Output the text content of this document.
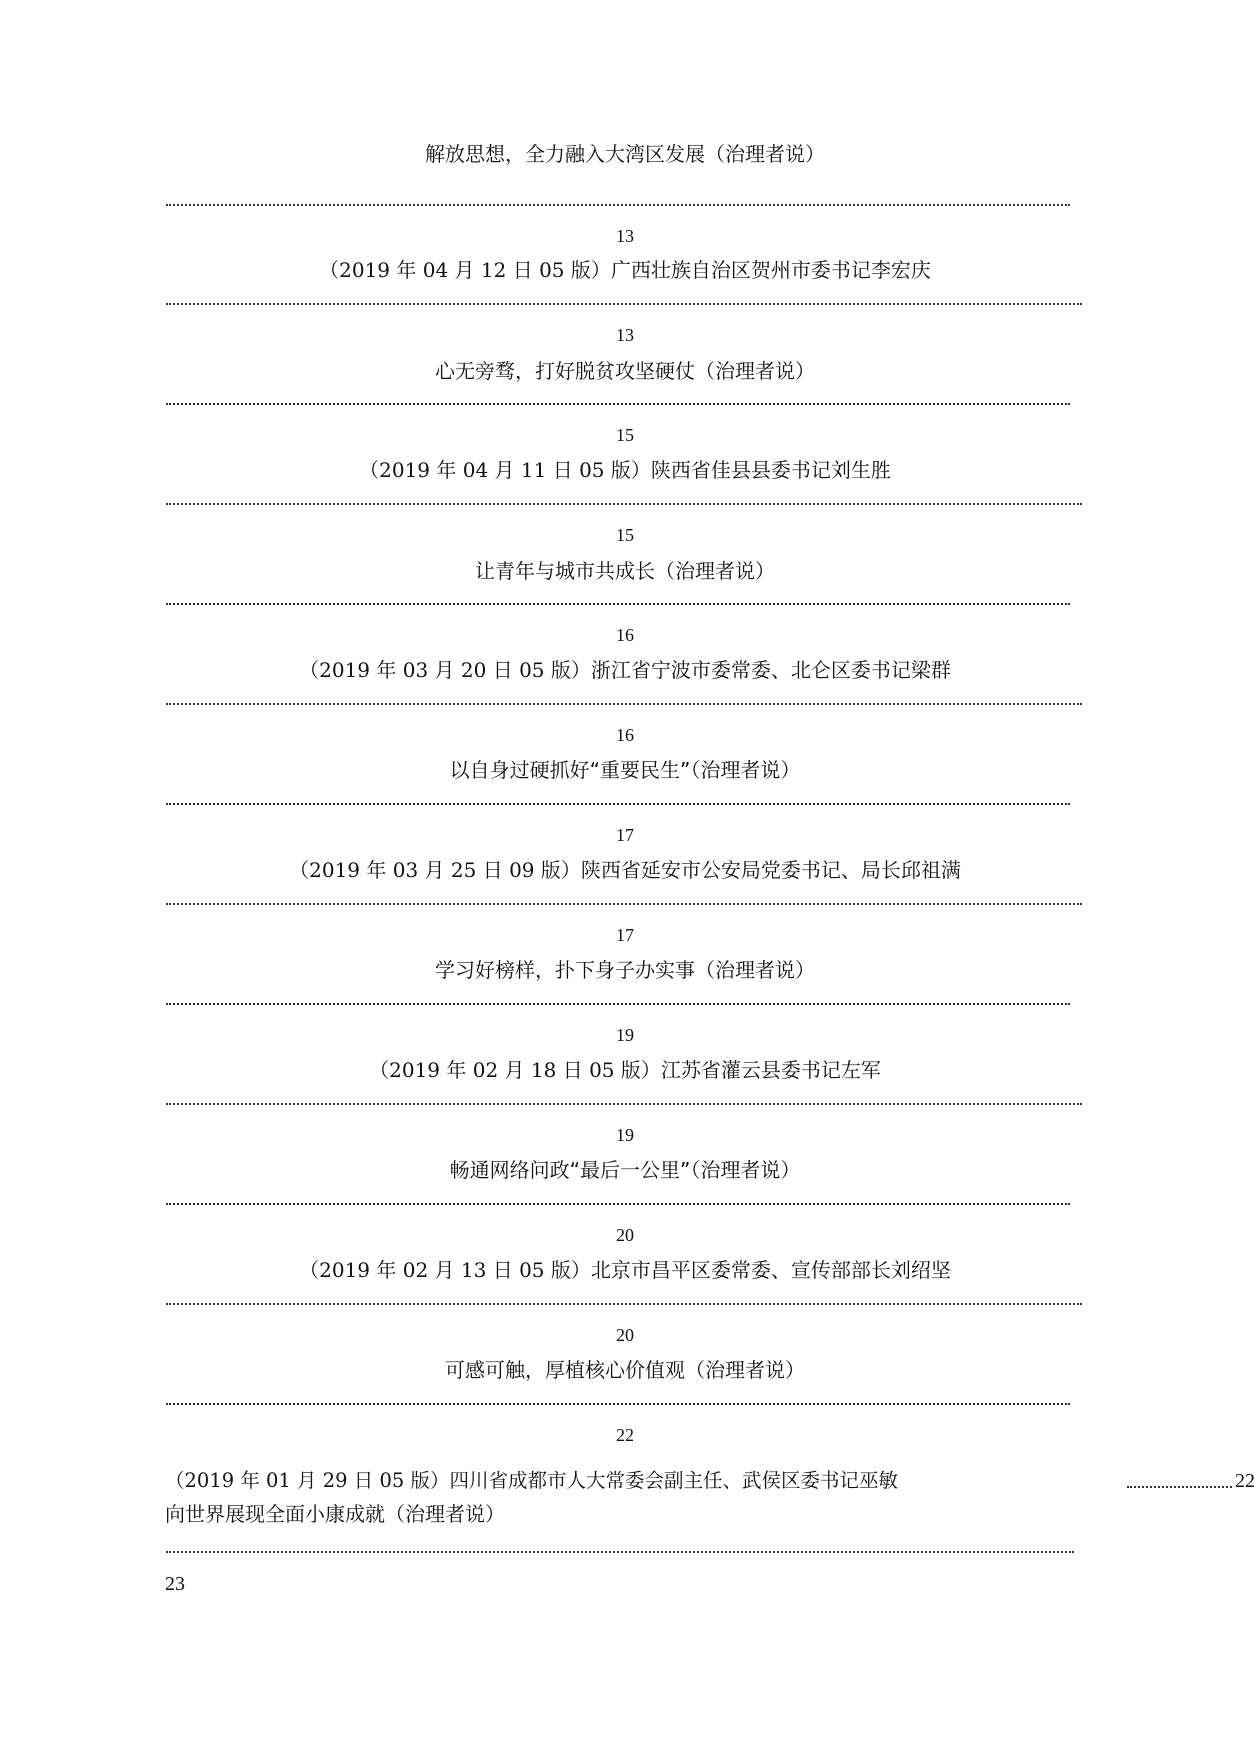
解放思想，全力融入大湾区发展（治理者说）
13
（2019 年 04 月 12 日 05 版）广西壮族自治区贺州市委书记李宏庆
13
心无旁骛，打好脱贫攻坚硬仗（治理者说）
15
（2019 年 04 月 11 日 05 版）陕西省佳县县委书记刘生胜
15
让青年与城市共成长（治理者说）
16
（2019 年 03 月 20 日 05 版）浙江省宁波市委常委、北仑区委书记梁群
16
以自身过硬抓好“重要民生”（治理者说）
17
（2019 年 03 月 25 日 09 版）陕西省延安市公安局党委书记、局长邱祖满
17
学习好榜样，扑下身子办实事（治理者说）
19
（2019 年 02 月 18 日 05 版）江苏省灌云县委书记左军
19
畅通网络问政“最后一公里”（治理者说）
20
（2019 年 02 月 13 日 05 版）北京市昌平区委常委、宣传部部长刘绍坚
20
可感可触，厚植核心价值观（治理者说）
22
（2019 年 01 月 29 日 05 版）四川省成都市人大常委会副主任、武侯区委书记巫敏	22
向世界展现全面小康成就（治理者说）
23
